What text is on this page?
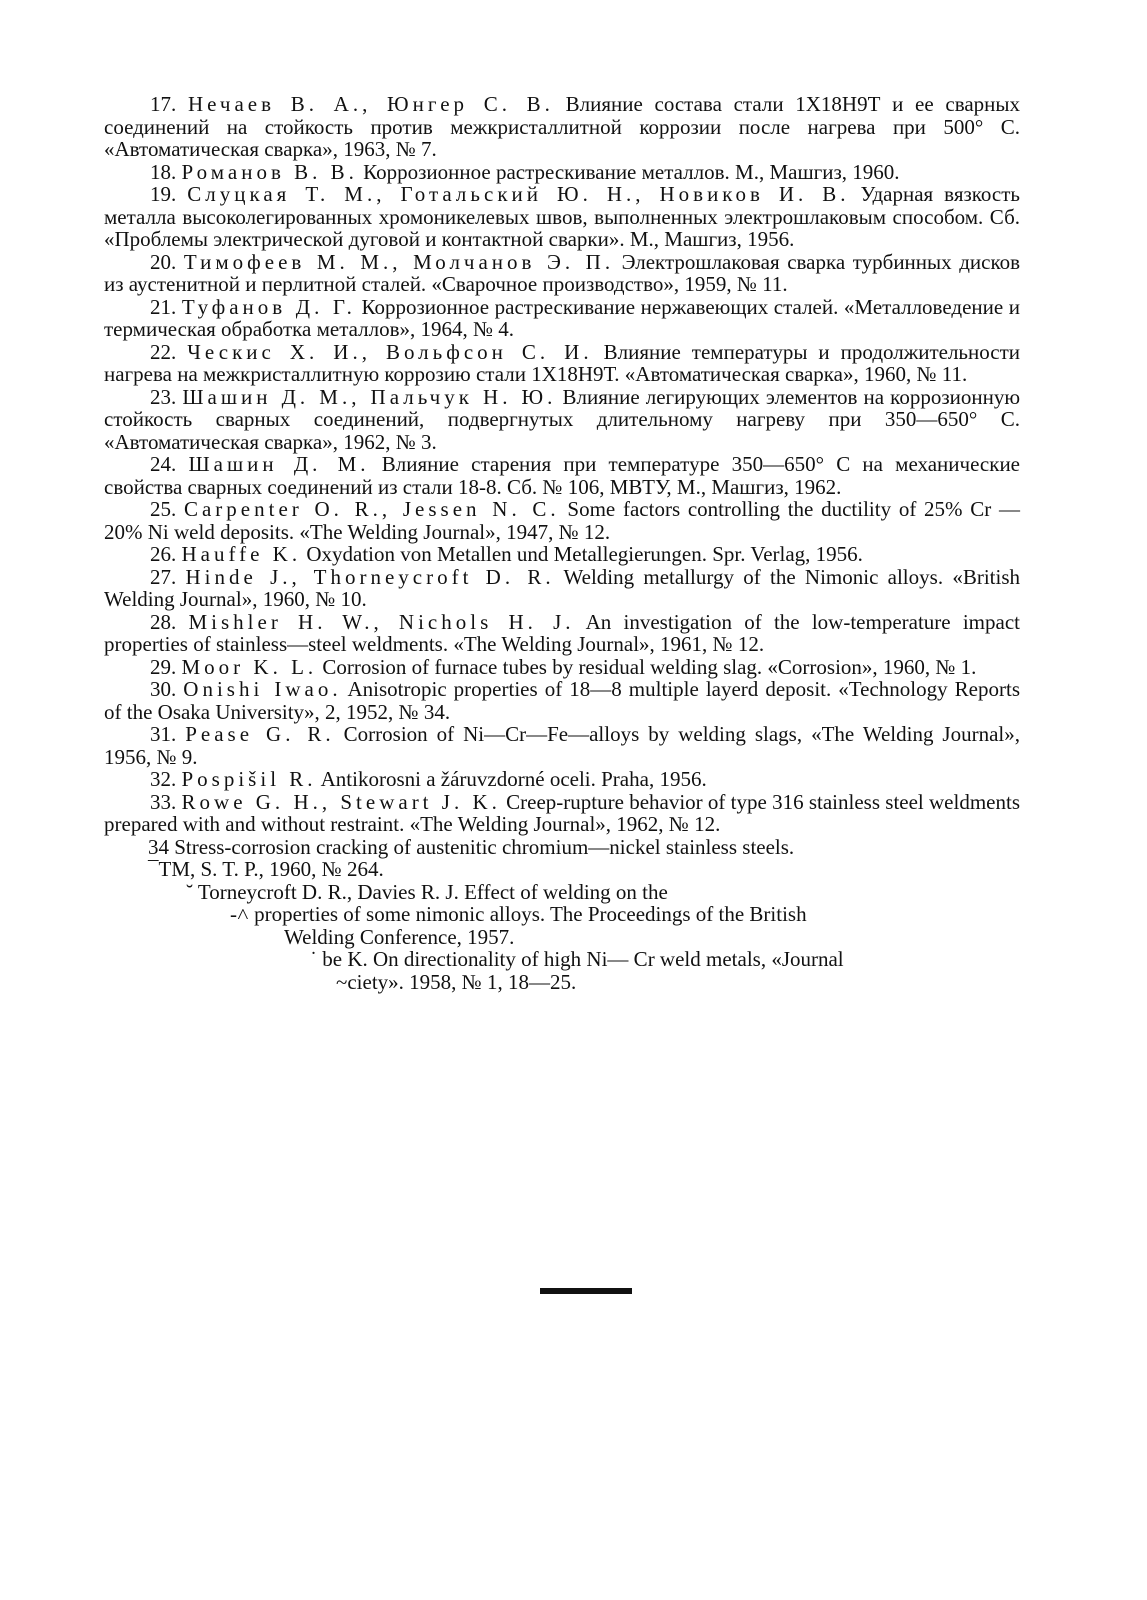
17. Нечаев В. А., Юнгер С. В. Влияние состава стали 1Х18Н9Т и ее сварных соединений на стойкость против межкристаллитной коррозии после нагрева при 500° С. «Автоматическая сварка», 1963, № 7.

18. Романов В. В. Коррозионное растрескивание металлов. М., Машгиз, 1960.

19. Слуцкая Т. М., Готальский Ю. Н., Новиков И. В. Ударная вязкость металла высоколегированных хромоникелевых швов, выполненных электрошлаковым способом. Сб. «Проблемы электрической дуговой и контактной сварки». М., Машгиз, 1956.

20. Тимофеев М. М., Молчанов Э. П. Электрошлаковая сварка турбинных дисков из аустенитной и перлитной сталей. «Сварочное производство», 1959, № 11.

21. Туфанов Д. Г. Коррозионное растрескивание нержавеющих сталей. «Металловедение и термическая обработка металлов», 1964, № 4.

22. Ческис Х. И., Вольфсон С. И. Влияние температуры и продолжительности нагрева на межкристаллитную коррозию стали 1Х18Н9Т. «Автоматическая сварка», 1960, № 11.

23. Шашин Д. М., Пальчук Н. Ю. Влияние легирующих элементов на коррозионную стойкость сварных соединений, подвергнутых длительному нагреву при 350—650° С. «Автоматическая сварка», 1962, № 3.

24. Шашин Д. М. Влияние старения при температуре 350—650° С на механические свойства сварных соединений из стали 18-8. Сб. № 106, МВТУ, М., Машгиз, 1962.

25. Carpenter O. R., Jessen N. C. Some factors controlling the ductility of 25% Cr — 20% Ni weld deposits. «The Welding Journal», 1947, № 12.

26. Hauffe K. Oxydation von Metallen und Metallegierungen. Spr. Verlag, 1956.

27. Hinde J., Thorneycroft D. R. Welding metallurgy of the Nimonic alloys. «British Welding Journal», 1960, № 10.

28. Mishler H. W., Nichols H. J. An investigation of the low-temperature impact properties of stainless—steel weldments. «The Welding Journal», 1961, № 12.

29. Moor K. L. Corrosion of furnace tubes by residual welding slag. «Corrosion», 1960, № 1.

30. Onishi Iwao. Anisotropic properties of 18—8 multiple layerd deposit. «Technology Reports of the Osaka University», 2, 1952, № 34.

31. Pease G. R. Corrosion of Ni—Cr—Fe—alloys by welding slags, «The Welding Journal», 1956, № 9.

32. Pospišil R. Antikorosni a žáruvzdorné oceli. Praha, 1956.

33. Rowe G. H., Stewart J. K. Creep-rupture behavior of type 316 stainless steel weldments prepared with and without restraint. «The Welding Journal», 1962, № 12.

34 Stress-corrosion cracking of austenitic chromium—nickel stainless steels.

¯TM, S. T. P., 1960, № 264.

˘ Torneycroft D. R., Davies R. J. Effect of welding on the

-˄ properties of some nimonic alloys. The Proceedings of the British

Welding Conference, 1957.

˙ be K. On directionality of high Ni— Cr weld metals, «Journal

~ciety». 1958, № 1, 18—25.
